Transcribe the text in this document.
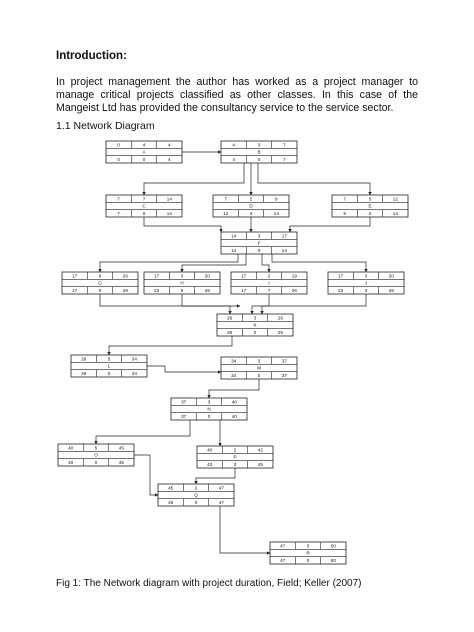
Introduction:

In project management the author has worked as a project manager to manage critical projects classified as other classes. In this case of the Mangeist Ltd has provided the consultancy service to the service sector.

1.1 Network Diagram
0	4	4
A
0	0	4
4	3	7
B
4	0	7
7	7	14
C
7	0	14
7	2	9
D
12	3	14
7	5	12
E
9	2	14
14	3	17
F
14	0	14
17	9	26
G
17	0	26
17	3	20
H
23	5	26
17	2	19
I
17	7	26
17	3	20
J
23	3	26
26	3	29
K
26	0	29
29	5	34
L
29	0	34
34	3	37
M
34	0	37
37	3	40
N
37	0	40
40	5	45
O
40	0	45
40	2	42
P
43	3	45
45	2	47
Q
45	0	47
47	3	50
R
47	0	50
Fig 1: The Network diagram with project duration, Field; Keller (2007)
